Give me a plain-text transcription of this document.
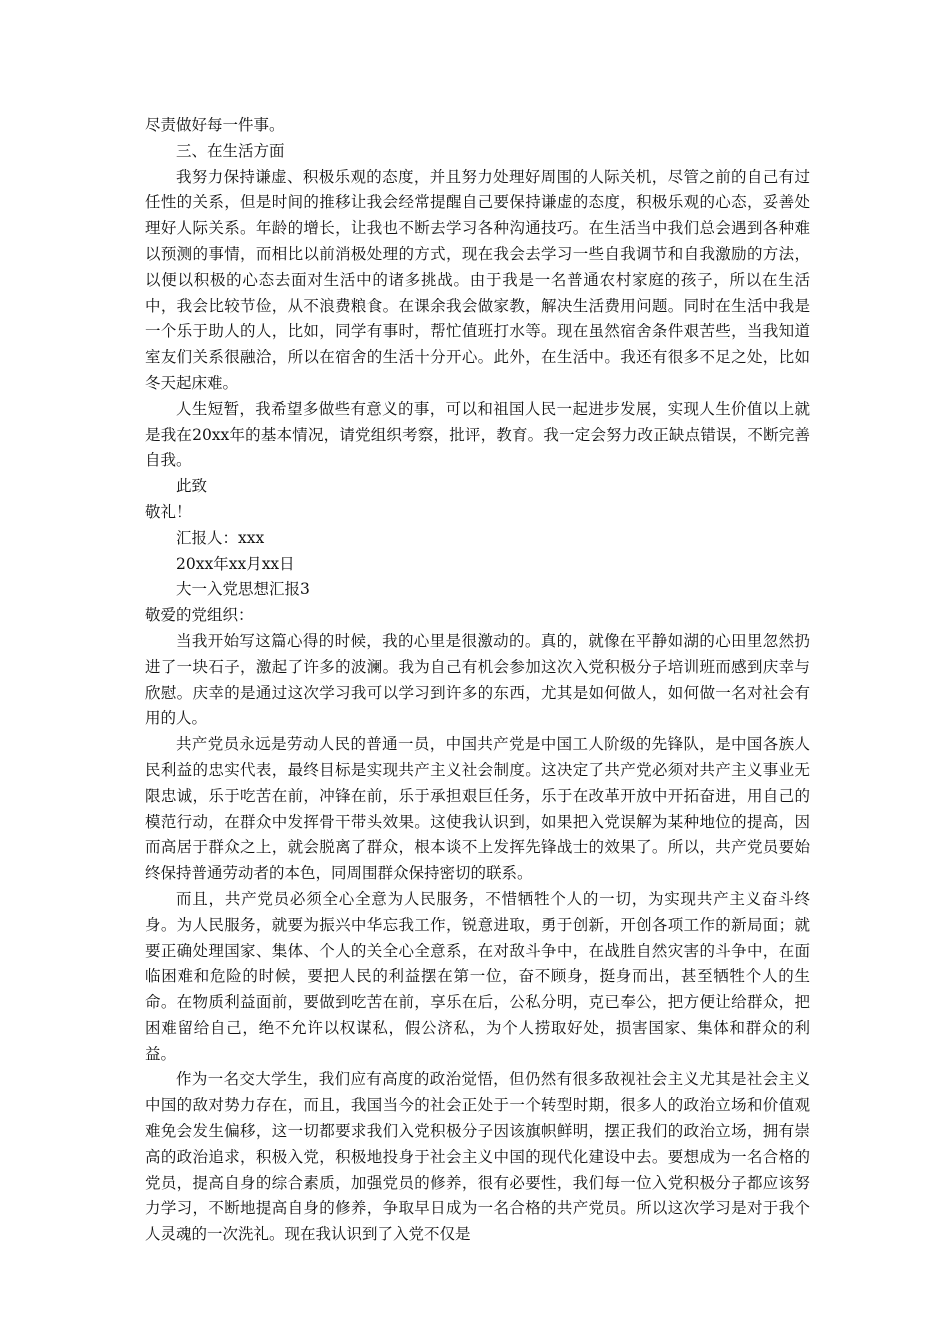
尽责做好每一件事。

三、在生活方面

我努力保持谦虚、积极乐观的态度，并且努力处理好周围的人际关机，尽管之前的自己有过任性的关系，但是时间的推移让我会经常提醒自己要保持谦虚的态度，积极乐观的心态，妥善处理好人际关系。年龄的增长，让我也不断去学习各种沟通技巧。在生活当中我们总会遇到各种难以预测的事情，而相比以前消极处理的方式，现在我会去学习一些自我调节和自我激励的方法，以便以积极的心态去面对生活中的诸多挑战。由于我是一名普通农村家庭的孩子，所以在生活中，我会比较节俭，从不浪费粮食。在课余我会做家教，解决生活费用问题。同时在生活中我是一个乐于助人的人，比如，同学有事时，帮忙值班打水等。现在虽然宿舍条件艰苦些，当我知道室友们关系很融洽，所以在宿舍的生活十分开心。此外，在生活中。我还有很多不足之处，比如冬天起床难。

人生短暂，我希望多做些有意义的事，可以和祖国人民一起进步发展，实现人生价值以上就是我在20xx年的基本情况，请党组织考察，批评，教育。我一定会努力改正缺点错误，不断完善自我。

此致

敬礼！

汇报人：xxx

20xx年xx月xx日

大一入党思想汇报3

敬爱的党组织：

当我开始写这篇心得的时候，我的心里是很激动的。真的，就像在平静如湖的心田里忽然扔进了一块石子，激起了许多的波澜。我为自己有机会参加这次入党积极分子培训班而感到庆幸与欣慰。庆幸的是通过这次学习我可以学习到许多的东西，尤其是如何做人，如何做一名对社会有用的人。

共产党员永远是劳动人民的普通一员，中国共产党是中国工人阶级的先锋队，是中国各族人民利益的忠实代表，最终目标是实现共产主义社会制度。这决定了共产党必须对共产主义事业无限忠诚，乐于吃苦在前，冲锋在前，乐于承担艰巨任务，乐于在改革开放中开拓奋进，用自己的模范行动，在群众中发挥骨干带头效果。这使我认识到，如果把入党误解为某种地位的提高，因而高居于群众之上，就会脱离了群众，根本谈不上发挥先锋战士的效果了。所以，共产党员要始终保持普通劳动者的本色，同周围群众保持密切的联系。

而且，共产党员必须全心全意为人民服务，不惜牺牲个人的一切，为实现共产主义奋斗终身。为人民服务，就要为振兴中华忘我工作，锐意进取，勇于创新，开创各项工作的新局面；就要正确处理国家、集体、个人的关全心全意系，在对敌斗争中，在战胜自然灾害的斗争中，在面临困难和危险的时候，要把人民的利益摆在第一位，奋不顾身，挺身而出，甚至牺牲个人的生命。在物质利益面前，要做到吃苦在前，享乐在后，公私分明，克已奉公，把方便让给群众，把困难留给自己，绝不允许以权谋私，假公济私，为个人捞取好处，损害国家、集体和群众的利益。

作为一名交大学生，我们应有高度的政治觉悟，但仍然有很多敌视社会主义尤其是社会主义中国的敌对势力存在，而且，我国当今的社会正处于一个转型时期，很多人的政治立场和价值观难免会发生偏移，这一切都要求我们入党积极分子因该旗帜鲜明，摆正我们的政治立场，拥有崇高的政治追求，积极入党，积极地投身于社会主义中国的现代化建设中去。要想成为一名合格的党员，提高自身的综合素质，加强党员的修养，很有必要性，我们每一位入党积极分子都应该努力学习，不断地提高自身的修养，争取早日成为一名合格的共产党员。所以这次学习是对于我个人灵魂的一次洗礼。现在我认识到了入党不仅是
